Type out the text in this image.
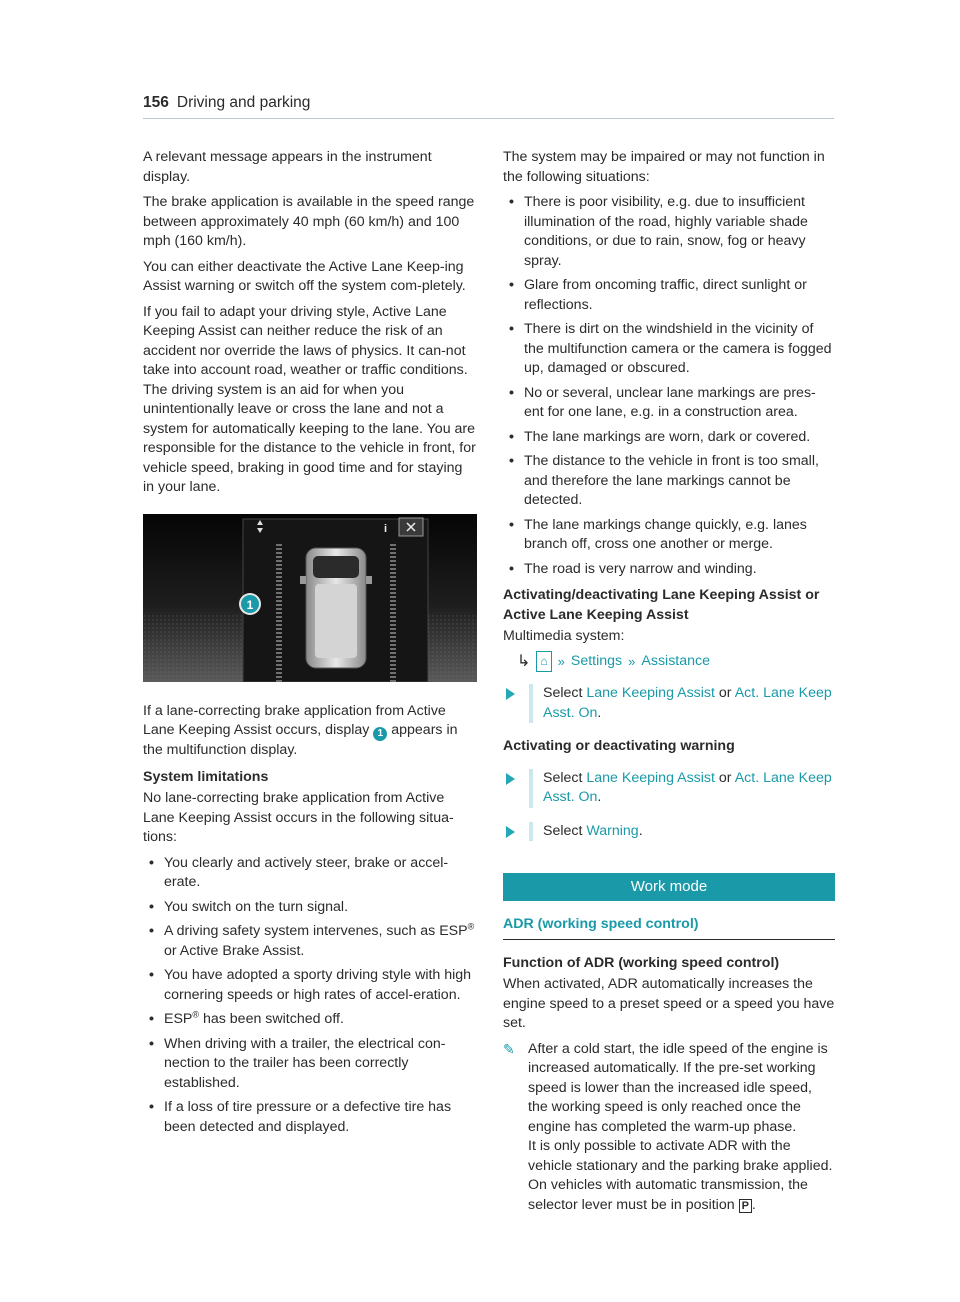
156 Driving and parking

A relevant message appears in the instrument display.

The brake application is available in the speed range between approximately 40 mph (60 km/h) and 100 mph (160 km/h).

You can either deactivate the Active Lane Keep-ing Assist warning or switch off the system com-pletely.

If you fail to adapt your driving style, Active Lane Keeping Assist can neither reduce the risk of an accident nor override the laws of physics. It can-not take into account road, weather or traffic conditions. The driving system is an aid for when you unintentionally leave or cross the lane and not a system for automatically keeping to the lane. You are responsible for the distance to the vehicle in front, for vehicle speed, braking in good time and for staying in your lane.

i
1

If a lane-correcting brake application from Active Lane Keeping Assist occurs, display 1 appears in the multifunction display.

System limitations

No lane-correcting brake application from Active Lane Keeping Assist occurs in the following situa-tions:

• You clearly and actively steer, brake or accel-erate.
• You switch on the turn signal.
• A driving safety system intervenes, such as ESP® or Active Brake Assist.
• You have adopted a sporty driving style with high cornering speeds or high rates of accel-eration.
• ESP® has been switched off.
• When driving with a trailer, the electrical con-nection to the trailer has been correctly established.
• If a loss of tire pressure or a defective tire has been detected and displayed.

The system may be impaired or may not function in the following situations:

• There is poor visibility, e.g. due to insufficient illumination of the road, highly variable shade conditions, or due to rain, snow, fog or heavy spray.
• Glare from oncoming traffic, direct sunlight or reflections.
• There is dirt on the windshield in the vicinity of the multifunction camera or the camera is fogged up, damaged or obscured.
• No or several, unclear lane markings are pres-ent for one lane, e.g. in a construction area.
• The lane markings are worn, dark or covered.
• The distance to the vehicle in front is too small, and therefore the lane markings cannot be detected.
• The lane markings change quickly, e.g. lanes branch off, cross one another or merge.
• The road is very narrow and winding.
Activating/deactivating Lane Keeping Assist or Active Lane Keeping Assist
Multimedia system:
↳ ⌂ » Settings » Assistance
Select Lane Keeping Assist or Act. Lane Keep Asst. On.
Activating or deactivating warning
Select Lane Keeping Assist or Act. Lane Keep Asst. On.
Select Warning.
Work mode
ADR (working speed control)
Function of ADR (working speed control)

When activated, ADR automatically increases the engine speed to a preset speed or a speed you have set.

✎ After a cold start, the idle speed of the engine is increased automatically. If the pre-set working speed is lower than the increased idle speed, the working speed is only reached once the engine has completed the warm-up phase.
It is only possible to activate ADR with the vehicle stationary and the parking brake applied.
On vehicles with automatic transmission, the selector lever must be in position P .
